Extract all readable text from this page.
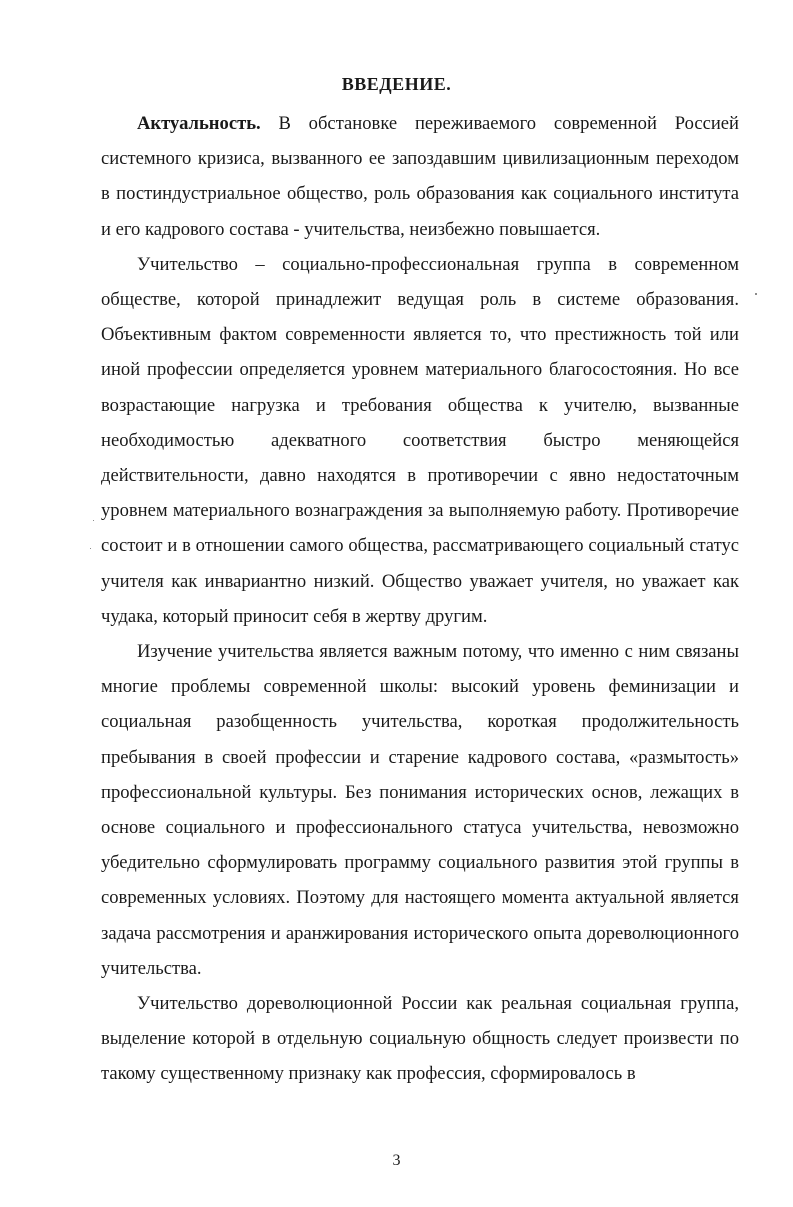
ВВЕДЕНИЕ.

Актуальность. В обстановке переживаемого современной Россией системного кризиса, вызванного ее запоздавшим цивилизационным переходом в постиндустриальное общество, роль образования как социального института и его кадрового состава - учительства, неизбежно повышается.

Учительство – социально-профессиональная группа в современном обществе, которой принадлежит ведущая роль в системе образования. Объективным фактом современности является то, что престижность той или иной профессии определяется уровнем материального благосостояния. Но все возрастающие нагрузка и требования общества к учителю, вызванные необходимостью адекватного соответствия быстро меняющейся действительности, давно находятся в противоречии с явно недостаточным уровнем материального вознаграждения за выполняемую работу. Противоречие состоит и в отношении самого общества, рассматривающего социальный статус учителя как инвариантно низкий. Общество уважает учителя, но уважает как чудака, который приносит себя в жертву другим.

Изучение учительства является важным потому, что именно с ним связаны многие проблемы современной школы: высокий уровень феминизации и социальная разобщенность учительства, короткая продолжительность пребывания в своей профессии и старение кадрового состава, «размытость» профессиональной культуры. Без понимания исторических основ, лежащих в основе социального и профессионального статуса учительства, невозможно убедительно сформулировать программу социального развития этой группы в современных условиях. Поэтому для настоящего момента актуальной является задача рассмотрения и аранжирования исторического опыта дореволюционного учительства.

Учительство дореволюционной России как реальная социальная группа, выделение которой в отдельную социальную общность следует произвести по такому существенному признаку как профессия, сформировалось в

3
